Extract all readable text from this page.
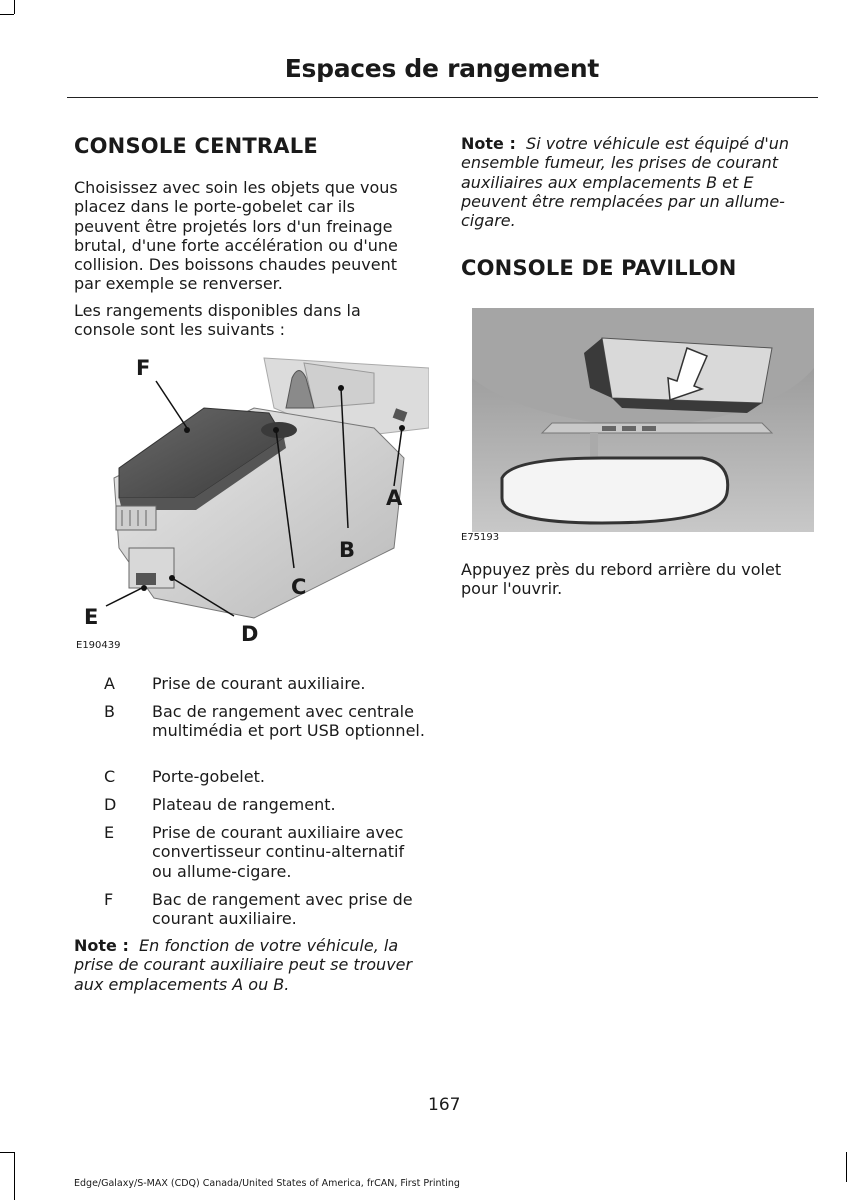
Espaces de rangement
CONSOLE CENTRALE

Choisissez avec soin les objets que vous placez dans le porte-gobelet car ils peuvent être projetés lors d'un freinage brutal, d'une forte accélération ou d'une collision. Des boissons chaudes peuvent par exemple se renverser.

Les rangements disponibles dans la console sont les suivants :

F
A
B
C
E
D
E190439
A Prise de courant auxiliaire.
B Bac de rangement avec centrale multimédia et port USB optionnel.
C Porte-gobelet.
D Plateau de rangement.
E Prise de courant auxiliaire avec convertisseur continu-alternatif ou allume-cigare.
F Bac de rangement avec prise de courant auxiliaire.

Note : En fonction de votre véhicule, la prise de courant auxiliaire peut se trouver aux emplacements A ou B.

Note : Si votre véhicule est équipé d'un ensemble fumeur, les prises de courant auxiliaires aux emplacements B et E peuvent être remplacées par un allume-cigare.

CONSOLE DE PAVILLON
E75193

Appuyez près du rebord arrière du volet pour l'ouvrir.

167
Edge/Galaxy/S-MAX (CDQ) Canada/United States of America, frCAN, First Printing
